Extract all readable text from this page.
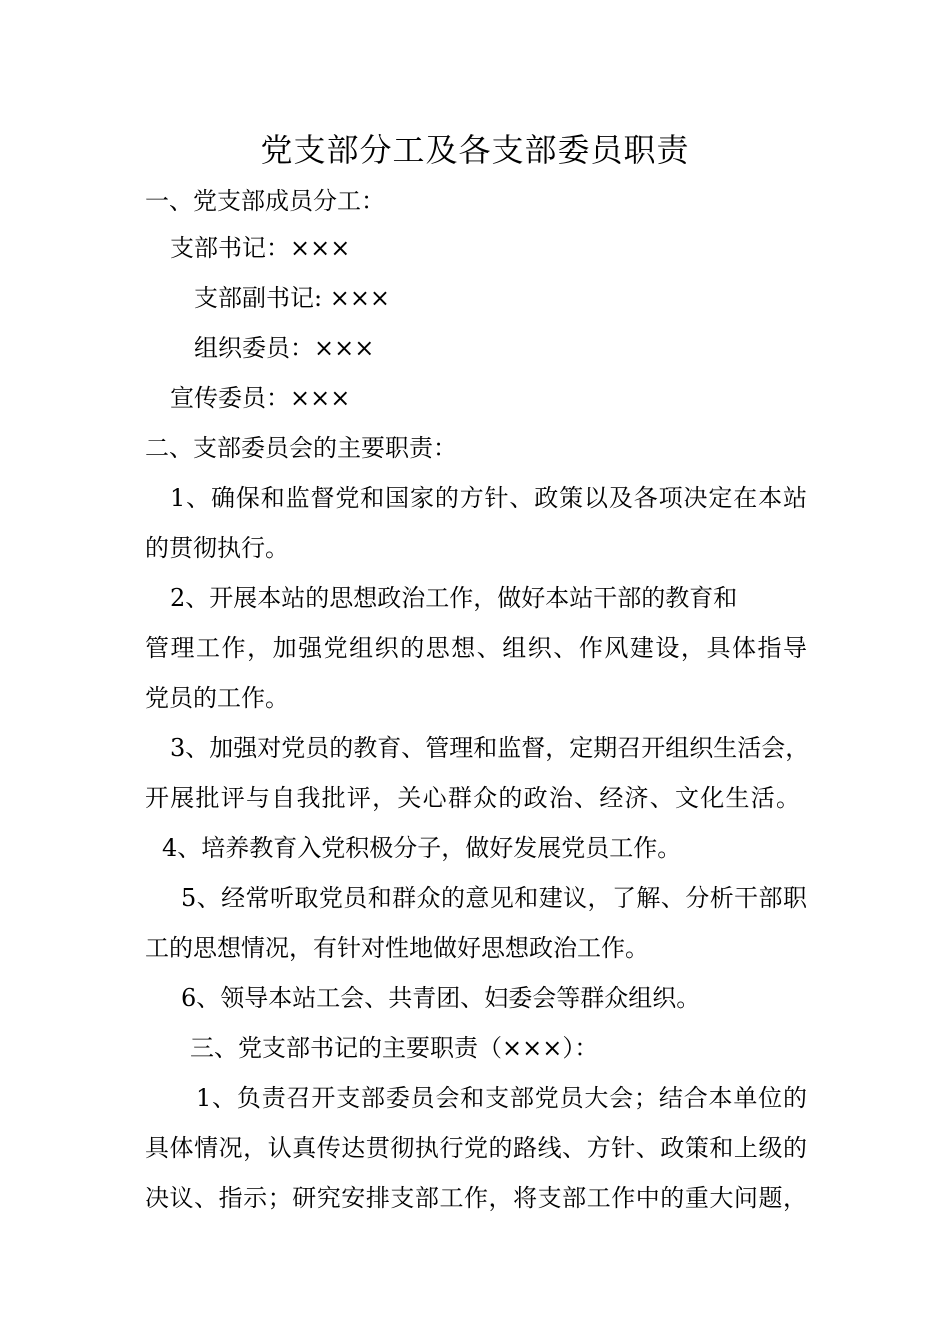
党支部分工及各支部委员职责
一、党支部成员分工：
支部书记：×××
支部副书记: ×××
组织委员：×××
宣传委员：×××
二、支部委员会的主要职责：
1、确保和监督党和国家的方针、政策以及各项决定在本站
的贯彻执行。
2、开展本站的思想政治工作，做好本站干部的教育和
管理工作，加强党组织的思想、组织、作风建设，具体指导
党员的工作。
3、加强对党员的教育、管理和监督，定期召开组织生活会，
开展批评与自我批评，关心群众的政治、经济、文化生活。
4、培养教育入党积极分子，做好发展党员工作。
5、经常听取党员和群众的意见和建议，了解、分析干部职
工的思想情况，有针对性地做好思想政治工作。
6、领导本站工会、共青团、妇委会等群众组织。
三、党支部书记的主要职责（×××）：
1、负责召开支部委员会和支部党员大会；结合本单位的
具体情况，认真传达贯彻执行党的路线、方针、政策和上级的
决议、指示；研究安排支部工作，将支部工作中的重大问题，
